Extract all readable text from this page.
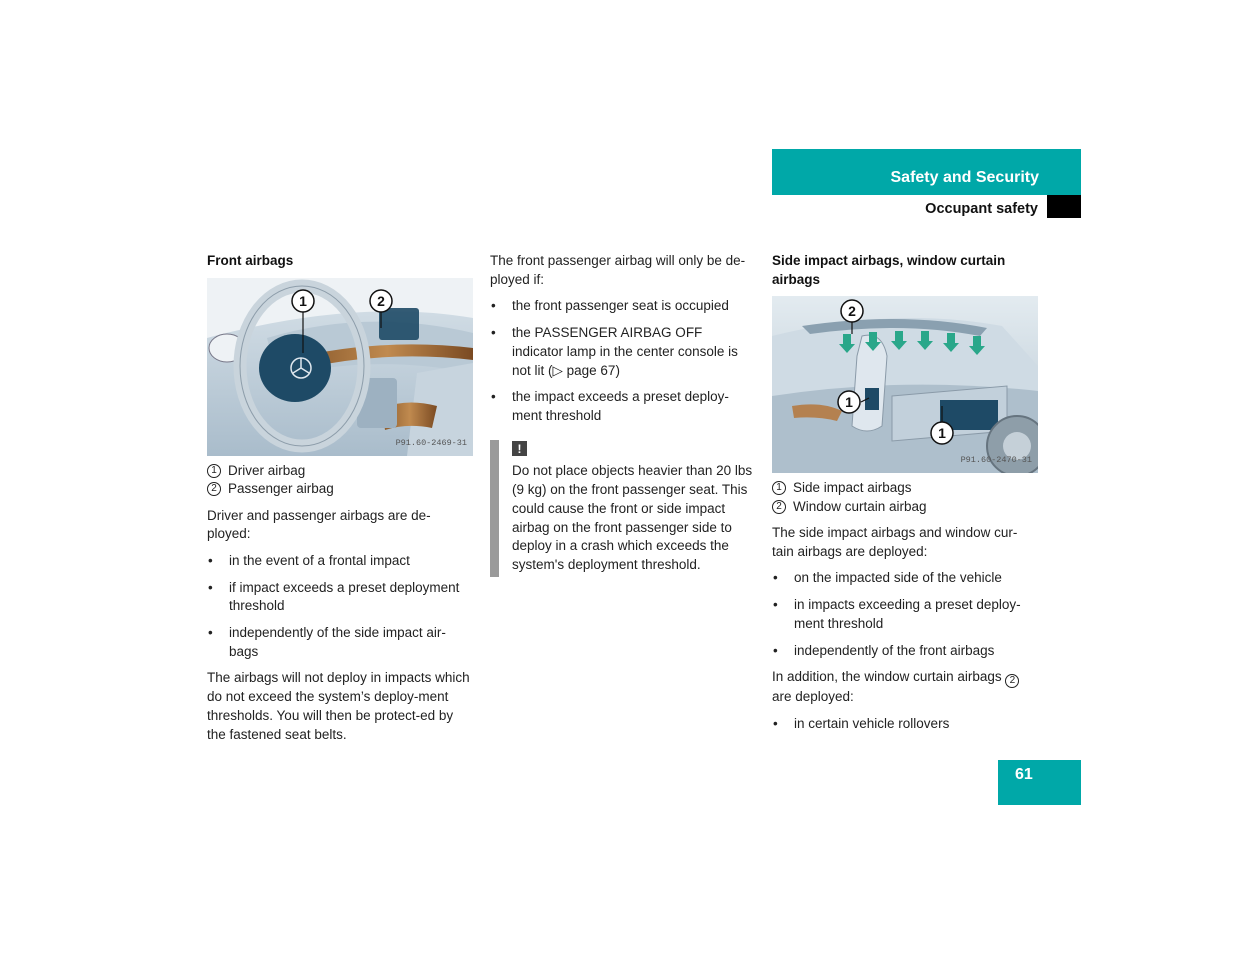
Safety and Security
Occupant safety
Front airbags
1	2
P91.60-2469-31
1 Driver airbag
2 Passenger airbag

Driver and passenger airbags are de-ployed:

• in the event of a frontal impact
• if impact exceeds a preset deployment threshold
• independently of the side impact air-bags

The airbags will not deploy in impacts which do not exceed the system’s deploy-ment thresholds. You will then be protect-ed by the fastened seat belts.

The front passenger airbag will only be de-ployed if:

• the front passenger seat is occupied
• the PASSENGER AIRBAG OFF indicator lamp in the center console is not lit (▷ page 67)
• the impact exceeds a preset deploy-ment threshold
!

Do not place objects heavier than 20 lbs (9 kg) on the front passenger seat. This could cause the front or side impact airbag on the front passenger side to deploy in a crash which exceeds the system's deployment threshold.

Side impact airbags, window curtain airbags
2
1
1
P91.60-2470-31
1 Side impact airbags
2 Window curtain airbag

The side impact airbags and window cur-tain airbags are deployed:

• on the impacted side of the vehicle
• in impacts exceeding a preset deploy-ment threshold
• independently of the front airbags

In addition, the window curtain airbags 2 are deployed:

• in certain vehicle rollovers
61
